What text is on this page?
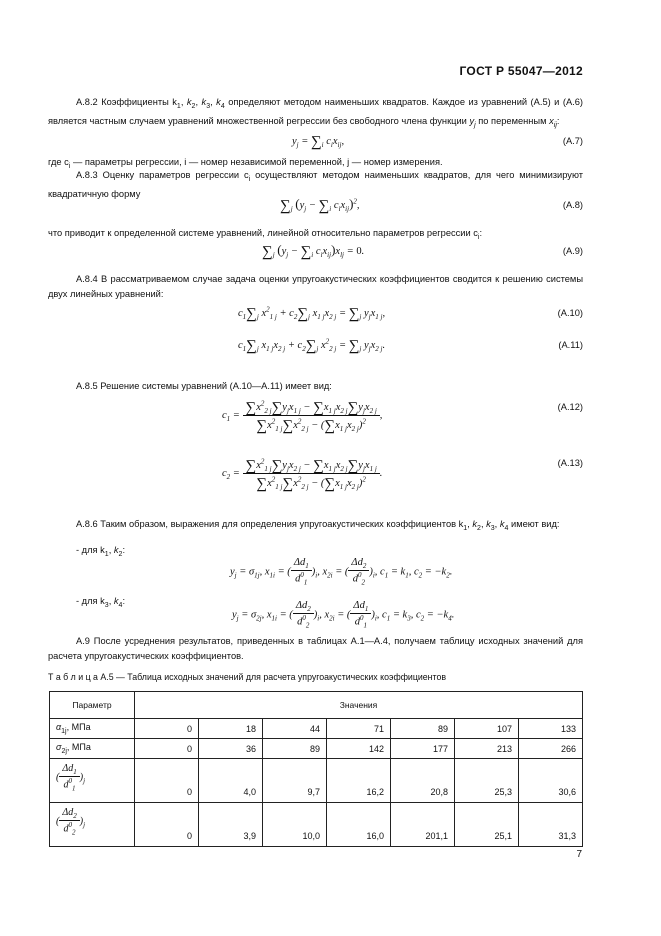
ГОСТ Р 55047—2012
А.8.2 Коэффициенты $k_1$, $k_2$, $k_3$, $k_4$ определяют методом наименьших квадратов. Каждое из уравнений (А.5) и (А.6) является частным случаем уравнений множественной регрессии без свободного члена функции $y_j$ по переменным $x_{ij}$:
$y_j = \sum_i$ $c_ix_{ij}$,	(А.7)
где $c_i$ — параметры регрессии, i — номер независимой переменной, j — номер измерения.
А.8.3 Оценку параметров регрессии $c_i$ осуществляют методом наименьших квадратов, для чего минимизируют квадратичную форму
$\sum_j$ ($y_j - \sum_i$ $c_ix_{ij})^2$,	(А.8)
что приводит к определенной системе уравнений, линейной относительно параметров регрессии $c_i$:
$\sum_j$ ($y_j - \sum_i$ $c_ix_{ij})x_{lj} = 0$.	(А.9)
А.8.4 В рассматриваемом случае задача оценки упругоакустических коэффициентов сводится к решению системы двух линейных уравнений:
$c_1\sum_j$ $x^2_{1 j} + c_2\sum_j$ $x_{1 j}x_{2 j} = \sum_j$ $y_jx_{1 j}$,	(А.10)
$c_1\sum_j$ $x_{1 j}x_{2 j} + c_2\sum_j$ $x^2_{2 j} = \sum_j$ $y_jx_{2 j}$.	(А.11)
А.8.5 Решение системы уравнений (А.10—А.11) имеет вид:
$c_1 = \frac{\sum x^2_{2 j}\sum y_jx_{1 j} - \sum x_{1 j}x_{2 j}\sum y_jx_{2 j}}{\sum x^2_{1 j}\sum x^2_{2 j} - (\sum x_{1 j}x_{2 j})^2}$ ,
(А.12)
$c_2 = \frac{\sum x^2_{1 j}\sum y_jx_{2 j} - \sum x_{1 j}x_{2 j}\sum y_jx_{1 j}}{\sum x^2_{1 j}\sum x^2_{2 j} - (\sum x_{1 j}x_{2 j})^2}$ .
(А.13)
А.8.6 Таким образом, выражения для определения упругоакустических коэффициентов $k_1$, $k_2$, $k_3$, $k_4$ имеют вид:
- для $k_1$, $k_2$:
$y_j = \sigma_{1j}$, $x_{1i}$ = ( $\frac{\Delta d_1}{d^0_1} )_i$, $x_{2i}$ = ( $\frac{\Delta d_2}{d^0_2} )_i$, $c_1 = k_1$, $c_2 = -k_2$.
- для $k_3$, $k_4$:
$y_j = \sigma_{2j}$, $x_{1i}$ = ( $\frac{\Delta d_2}{d^0_2} )_i$, $x_{2i}$ = ( $\frac{\Delta d_1}{d^0_1} )_i$, $c_1 = k_3$, $c_2 = -k_4$.
А.9 После усреднения результатов, приведенных в таблицах А.1—А.4, получаем таблицу исходных значений для расчета упругоакустических коэффициентов.
Т а б л и ц а А.5 — Таблица исходных значений для расчета упругоакустических коэффициентов
Параметр	Значения						
$\alpha_{1j}$, МПа	0	18	44	71	89	107	133
$\sigma_{2j}$, МПа	0	36	89	142	177	213	266
( $\frac{\Delta d_1}{d^0_1} )_j$	0	4,0	9,7	16,2	20,8	25,3	30,6
( $\frac{\Delta d_2}{d^0_2} )_j$	0	3,9	10,0	16,0	201,1	25,1	31,3
7
